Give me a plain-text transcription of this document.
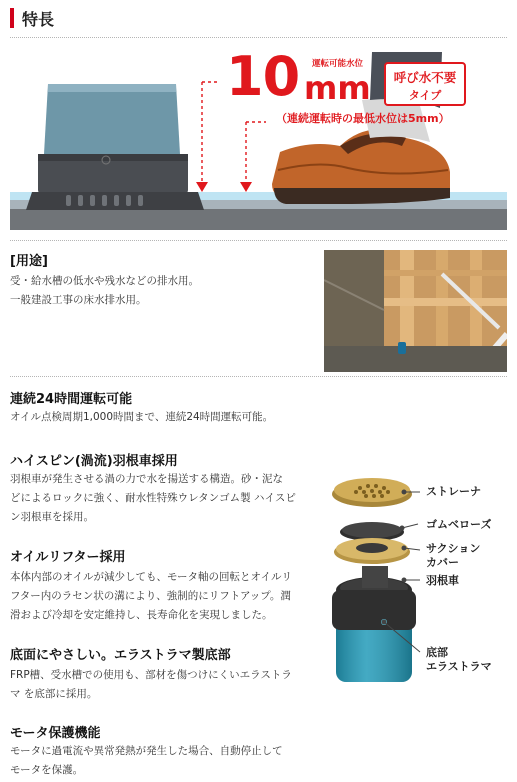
特長
運転可能水位
10 mm	呼び水不要
タイプ
（連続運転時の最低水位は5mm）
[用途]
受・給水槽の低水や残水などの排水用。
一般建設工事の床水排水用。
連続24時間運転可能
オイル点検周期1,000時間まで、連続24時間運転可能。
ハイスピン(渦流)羽根車採用
羽根車が発生させる渦の力で水を揚送する構造。砂・泥な
どによるロックに強く、耐水性特殊ウレタンゴム製 ハイスピ
ン羽根車を採用。
オイルリフター採用
本体内部のオイルが減少しても、モータ軸の回転とオイルリ
フター内のラセン状の溝により、強制的にリフトアップ。潤
滑および冷却を安定維持し、長寿命化を実現しました。
底面にやさしい。エラストラマ製底部
FRP槽、受水槽での使用も、部材を傷つけにくいエラストラ
マ を底部に採用。
モータ保護機能
モータに過電流や異常発熱が発生した場合、自動停止して
モータを保護。
ストレーナ
ゴムベローズ
サクション
カバー
羽根車
底部
エラストラマ
